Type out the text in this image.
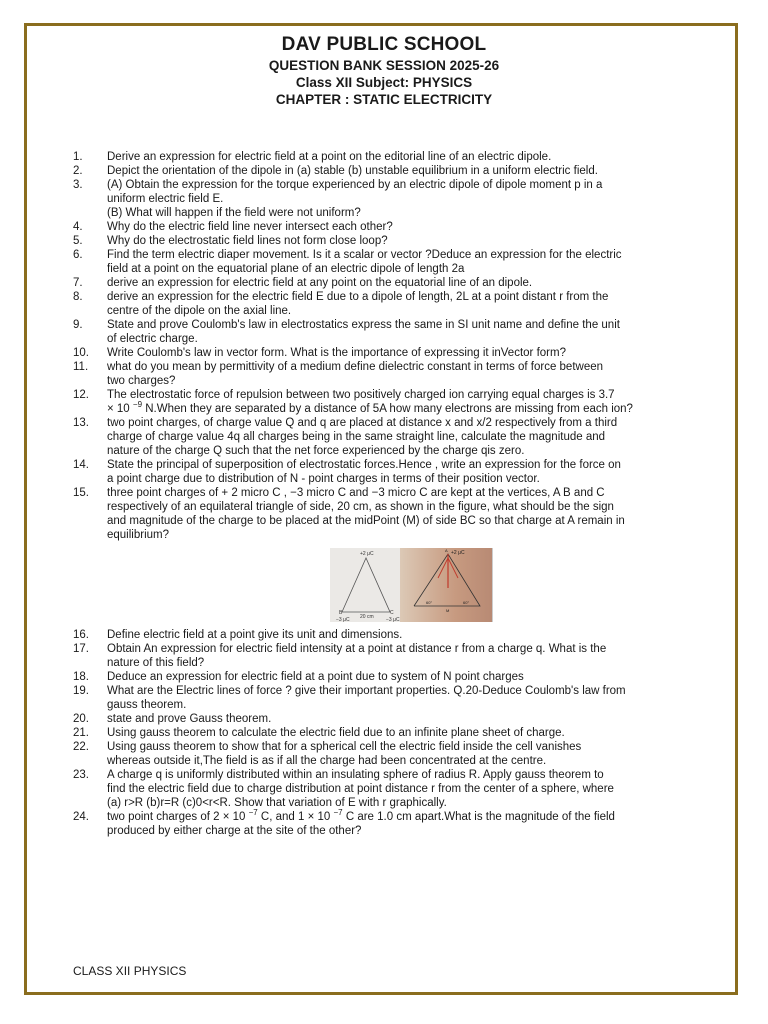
DAV PUBLIC SCHOOL
QUESTION BANK SESSION 2025-26
Class XII Subject: PHYSICS
CHAPTER : STATIC ELECTRICITY
1.	Derive an expression for electric field at a point on the editorial line of an electric dipole.
2.	Depict the orientation of the dipole in (a) stable (b) unstable equilibrium in a uniform electric field.
3.	(A) Obtain the expression for the torque experienced by an electric dipole of dipole moment p in a
uniform electric field E.
(B) What will happen if the field were not uniform?
4.	Why do the electric field line never intersect each other?
5.	Why do the electrostatic field lines not form close loop?
6.	Find the term electric diaper movement. Is it a scalar or vector ?Deduce an expression for the electric
field at a point on the equatorial plane of an electric dipole of length 2a
7.	derive an expression for electric field at any point on the equatorial line of an dipole.
8.	derive an expression for the electric field E due to a dipole of length, 2L at a point distant r from the
centre of the dipole on the axial line.
9.	State and prove Coulomb's law in electrostatics express the same in SI unit name and define the unit
of electric charge.
10.	Write Coulomb's law in vector form. What is the importance of expressing it inVector form?
11.	what do you mean by permittivity of a medium define dielectric constant in terms of force between
two charges?
12.	The electrostatic force of repulsion between two positively charged ion carrying equal charges is 3.7
× 10 $^{-9}$ N.When they are separated by a distance of 5A how many electrons are missing from each ion?
13.	two point charges, of charge value Q and q are placed at distance x and x/2 respectively from a third
charge of charge value 4q all charges being in the same straight line, calculate the magnitude and
nature of the charge Q such that the net force experienced by the charge qis zero.
14.	State the principal of superposition of electrostatic forces.Hence , write an expression for the force on
a point charge due to distribution of N - point charges in terms of their position vector.
15.	three point charges of + 2 micro C , −3 micro C and −3 micro C are kept at the vertices, A B and C
respectively of an equilateral triangle of side, 20 cm, as shown in the figure, what should be the sign
and magnitude of the charge to be placed at the midPoint (M) of side BC so that charge at A remain in
equilibrium?
+2 μC
20 cm
−3 μC	−3 μC
B	C
+2 μC
A
M
60°	60°
16.	Define electric field at a point give its unit and dimensions.
17.	Obtain An expression for electric field intensity at a point at distance r from a charge q. What is the
nature of this field?
18.	Deduce an expression for electric field at a point due to system of N point charges
19.	What are the Electric lines of force ? give their important properties. Q.20-Deduce Coulomb's law from
gauss theorem.
20.	state and prove Gauss theorem.
21.	Using gauss theorem to calculate the electric field due to an infinite plane sheet of charge.
22.	Using gauss theorem to show that for a spherical cell the electric field inside the cell vanishes
whereas outside it,The field is as if all the charge had been concentrated at the centre.
23.	A charge q is uniformly distributed within an insulating sphere of radius R. Apply gauss theorem to
find the electric field due to charge distribution at point distance r from the center of a sphere, where
(a) r>R (b)r=R (c)0<r<R. Show that variation of E with r graphically.
24.	two point charges of 2 × 10 $^{-7}$ C, and 1 × 10 $^{-7}$ C are 1.0 cm apart.What is the magnitude of the field
produced by either charge at the site of the other?
CLASS XII PHYSICS
